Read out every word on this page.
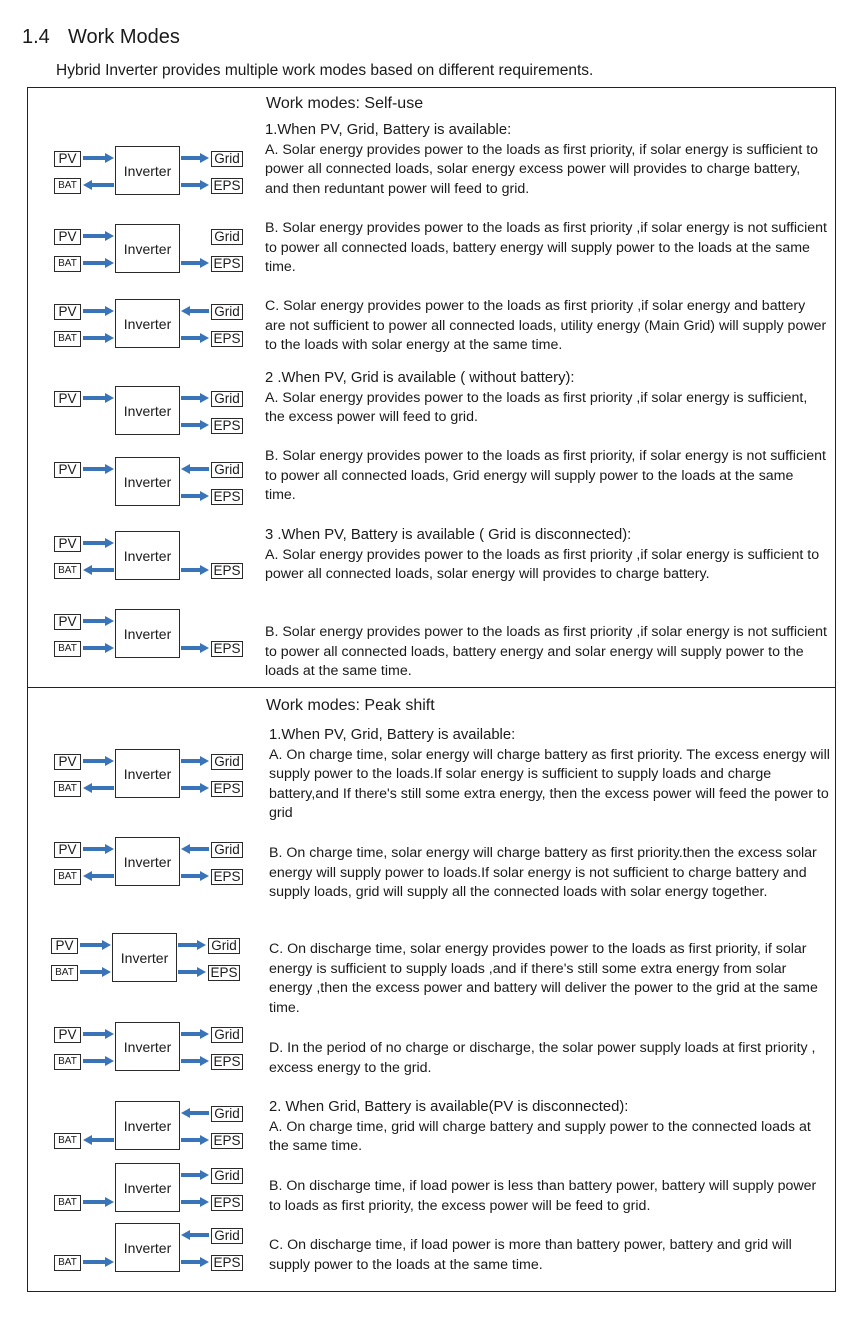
1.4 Work Modes
Hybrid Inverter provides multiple work modes based on different requirements.
Work modes: Self-use
1.When PV, Grid, Battery is available:
A. Solar energy provides power to the loads as first priority, if solar energy is sufficient to power all connected loads, solar energy excess power will provides to charge battery, and then reduntant power will feed to grid.
B. Solar energy provides power to the loads as first priority ,if solar energy is not sufficient to power all connected loads, battery energy will supply power to the loads at the same time.
C. Solar energy provides power to the loads as first priority ,if solar energy and battery are not sufficient to power all connected loads, utility energy (Main Grid) will supply power to the loads with solar energy at the same time.
2 .When PV, Grid is available ( without battery):
A. Solar energy provides power to the loads as first priority ,if solar energy is sufficient, the excess power will feed to grid.
B. Solar energy provides power to the loads as first priority, if solar energy is not sufficient to power all connected loads, Grid energy will supply power to the loads at the same time.
3 .When PV, Battery is available ( Grid is disconnected):
A. Solar energy provides power to the loads as first priority ,if solar energy is sufficient to power all connected loads, solar energy will provides to charge battery.
B. Solar energy provides power to the loads as first priority ,if solar energy is not sufficient to power all connected loads, battery energy and solar energy will supply power to the loads at the same time.
Work modes: Peak shift
1.When PV, Grid, Battery is available:
A. On charge time, solar energy will charge battery as first priority. The excess energy will supply power to the loads.If solar energy is sufficient to supply loads and charge battery,and If there's still some extra energy, then the excess power will feed the power to grid
B. On charge time, solar energy will charge battery as first priority.then the excess solar energy will supply power to loads.If solar energy is not sufficient to charge battery and supply loads, grid will supply all the connected loads with solar energy together.
C. On discharge time, solar energy provides power to the loads as first priority, if solar energy is sufficient to supply loads ,and if there's still some extra energy from solar energy ,then the excess power and battery will deliver the power to the grid at the same time.
D. In the period of no charge or discharge, the solar power supply loads at first priority , excess energy to the grid.
2. When Grid, Battery is available(PV is disconnected):
A. On charge time, grid will charge battery and supply power to the connected loads at the same time.
B. On discharge time, if load power is less than battery power, battery will supply power to loads as first priority, the excess power will be feed to grid.
C. On discharge time, if load power is more than battery power, battery and grid will supply power to the loads at the same time.
Inverter
PV
BAT
Grid
EPS
Inverter
PV
BAT
Grid
EPS
Inverter
PV
BAT
Grid
EPS
Inverter
PV	Grid
EPS
Inverter
PV	Grid
EPS
Inverter
PV
BAT	EPS
Inverter
PV
BAT	EPS
Inverter
PV
BAT
Grid
EPS
Inverter
PV
BAT
Grid
EPS
Inverter
PV
BAT
Grid
EPS
Inverter
PV
BAT
Grid
EPS
Inverter
BAT
Grid
EPS
Inverter
BAT
Grid
EPS
Inverter
BAT
Grid
EPS
